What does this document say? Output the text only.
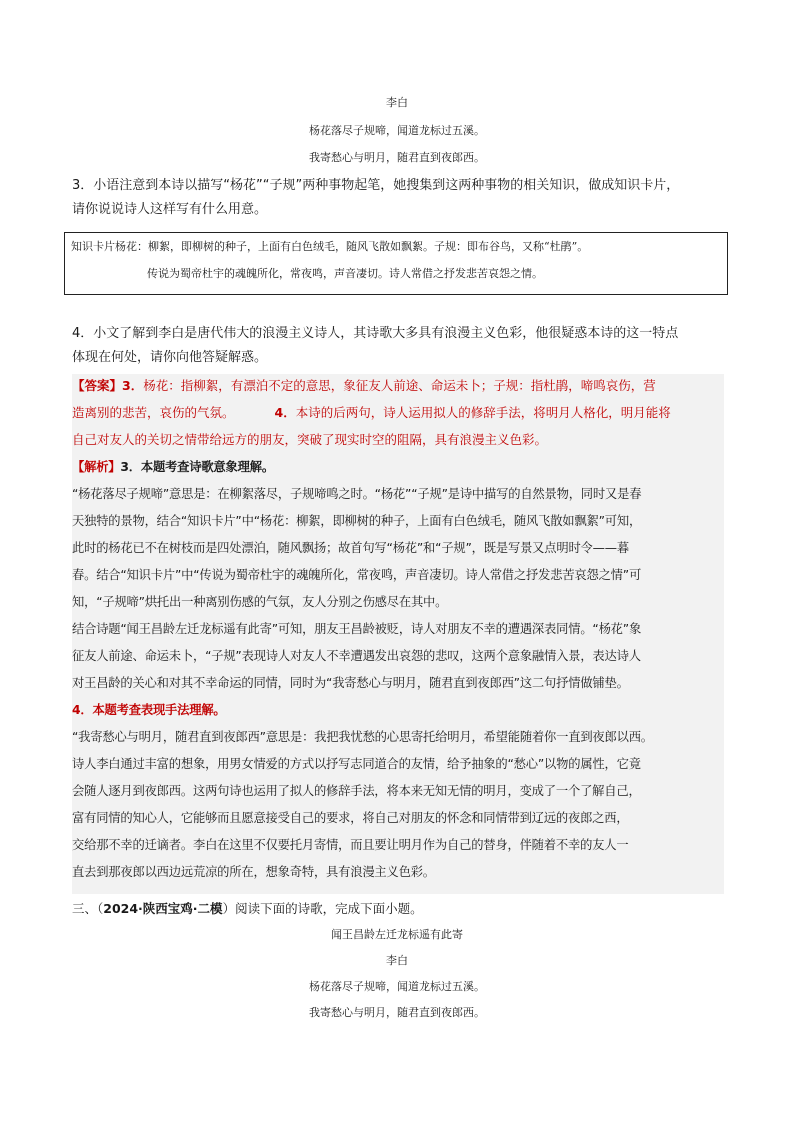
李白
杨花落尽子规啼，闻道龙标过五溪。
我寄愁心与明月，随君直到夜郎西。
3．小语注意到本诗以描写“杨花”“子规”两种事物起笔，她搜集到这两种事物的相关知识，做成知识卡片，
请你说说诗人这样写有什么用意。
知识卡片杨花：柳絮，即柳树的种子，上面有白色绒毛，随风飞散如飘絮。子规：即布谷鸟，又称“杜鹃”。
传说为蜀帝杜宇的魂魄所化，常夜鸣，声音凄切。诗人常借之抒发悲苦哀怨之情。
4．小文了解到李白是唐代伟大的浪漫主义诗人，其诗歌大多具有浪漫主义色彩，他很疑惑本诗的这一特点
体现在何处，请你向他答疑解惑。

【答案】3．杨花：指柳絮，有漂泊不定的意思，象征友人前途、命运未卜；子规：指杜鹃，啼鸣哀伤，营

造离别的悲苦，哀伤的气氛。	4．本诗的后两句，诗人运用拟人的修辞手法，将明月人格化，明月能将

自己对友人的关切之情带给远方的朋友，突破了现实时空的阻隔，具有浪漫主义色彩。

【解析】3．本题考查诗歌意象理解。

“杨花落尽子规啼”意思是：在柳絮落尽，子规啼鸣之时。“杨花”“子规”是诗中描写的自然景物，同时又是春

天独特的景物，结合“知识卡片”中“杨花：柳絮，即柳树的种子，上面有白色绒毛，随风飞散如飘絮”可知，

此时的杨花已不在树枝而是四处漂泊，随风飘扬；故首句写“杨花”和“子规”，既是写景又点明时令——暮

春。结合“知识卡片”中“传说为蜀帝杜宇的魂魄所化，常夜鸣，声音凄切。诗人常借之抒发悲苦哀怨之情”可

知，“子规啼”烘托出一种离别伤感的气氛，友人分别之伤感尽在其中。

结合诗题“闻王昌龄左迁龙标遥有此寄”可知，朋友王昌龄被贬，诗人对朋友不幸的遭遇深表同情。“杨花”象

征友人前途、命运未卜，“子规”表现诗人对友人不幸遭遇发出哀怨的悲叹，这两个意象融情入景，表达诗人

对王昌龄的关心和对其不幸命运的同情，同时为“我寄愁心与明月，随君直到夜郎西”这二句抒情做铺垫。

4．本题考查表现手法理解。

“我寄愁心与明月，随君直到夜郎西”意思是：我把我忧愁的心思寄托给明月，希望能随着你一直到夜郎以西。

诗人李白通过丰富的想象，用男女情爱的方式以抒写志同道合的友情，给予抽象的“愁心”以物的属性，它竟

会随人逐月到夜郎西。这两句诗也运用了拟人的修辞手法，将本来无知无情的明月，变成了一个了解自己，

富有同情的知心人，它能够而且愿意接受自己的要求，将自己对朋友的怀念和同情带到辽远的夜郎之西，

交给那不幸的迁谪者。李白在这里不仅要托月寄情，而且要让明月作为自己的替身，伴随着不幸的友人一

直去到那夜郎以西边远荒凉的所在，想象奇特，具有浪漫主义色彩。

三、（2024·陕西宝鸡·二模）阅读下面的诗歌，完成下面小题。
闻王昌龄左迁龙标遥有此寄
李白
杨花落尽子规啼，闻道龙标过五溪。
我寄愁心与明月，随君直到夜郎西。
